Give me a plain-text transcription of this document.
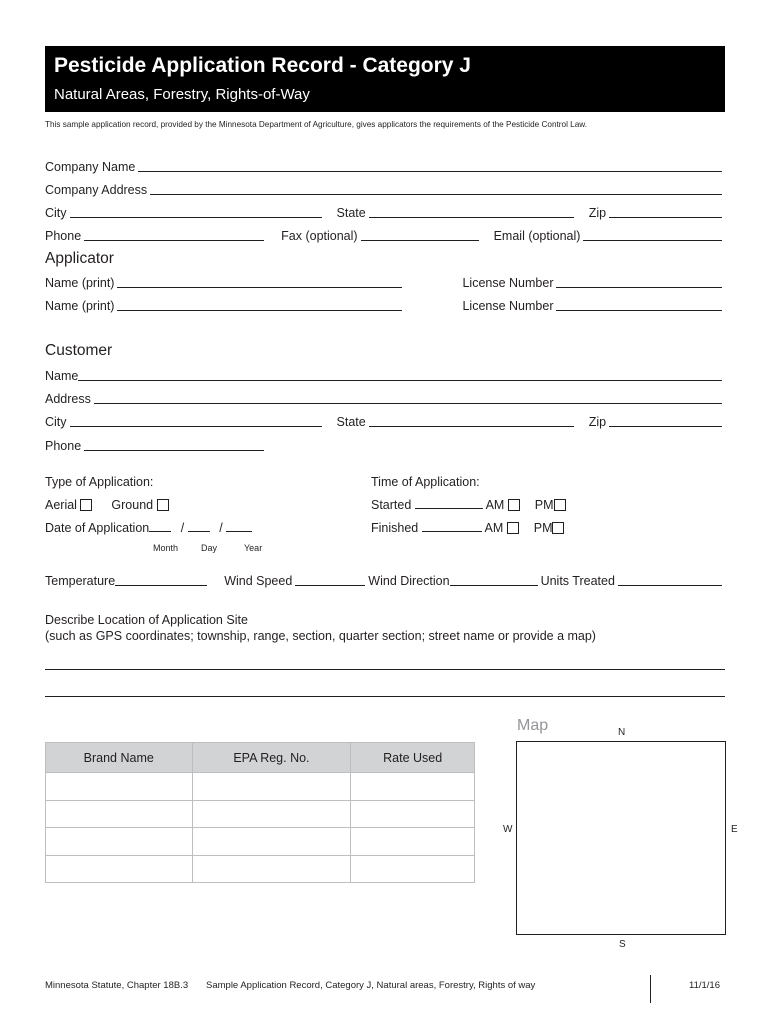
Pesticide Application Record - Category J
Natural Areas, Forestry, Rights-of-Way
This sample application record, provided by the Minnesota Department of Agriculture, gives applicators the requirements of the Pesticide Control Law.
Company Name
Company Address
City	State	Zip
Phone	Fax (optional)	Email (optional)
Applicator
Name (print)	License Number
Name (print)	License Number
Customer
Name
Address
City	State	Zip
Phone
Type of Application:
Aerial	Ground
Date of Application	/	/
Month	Day	Year
Time of Application:
Started	AM PM
Finished	AM PM
Temperature	Wind Speed	Wind Direction	Units Treated
Describe Location of Application Site
(such as GPS coordinates; township, range, section, quarter section; street name or provide a map)
Brand Name	EPA Reg. No.	Rate Used

Map	N
W	E
S
Minnesota Statute, Chapter 18B.3 Sample Application Record, Category J, Natural areas, Forestry, Rights of way	11/1/16
